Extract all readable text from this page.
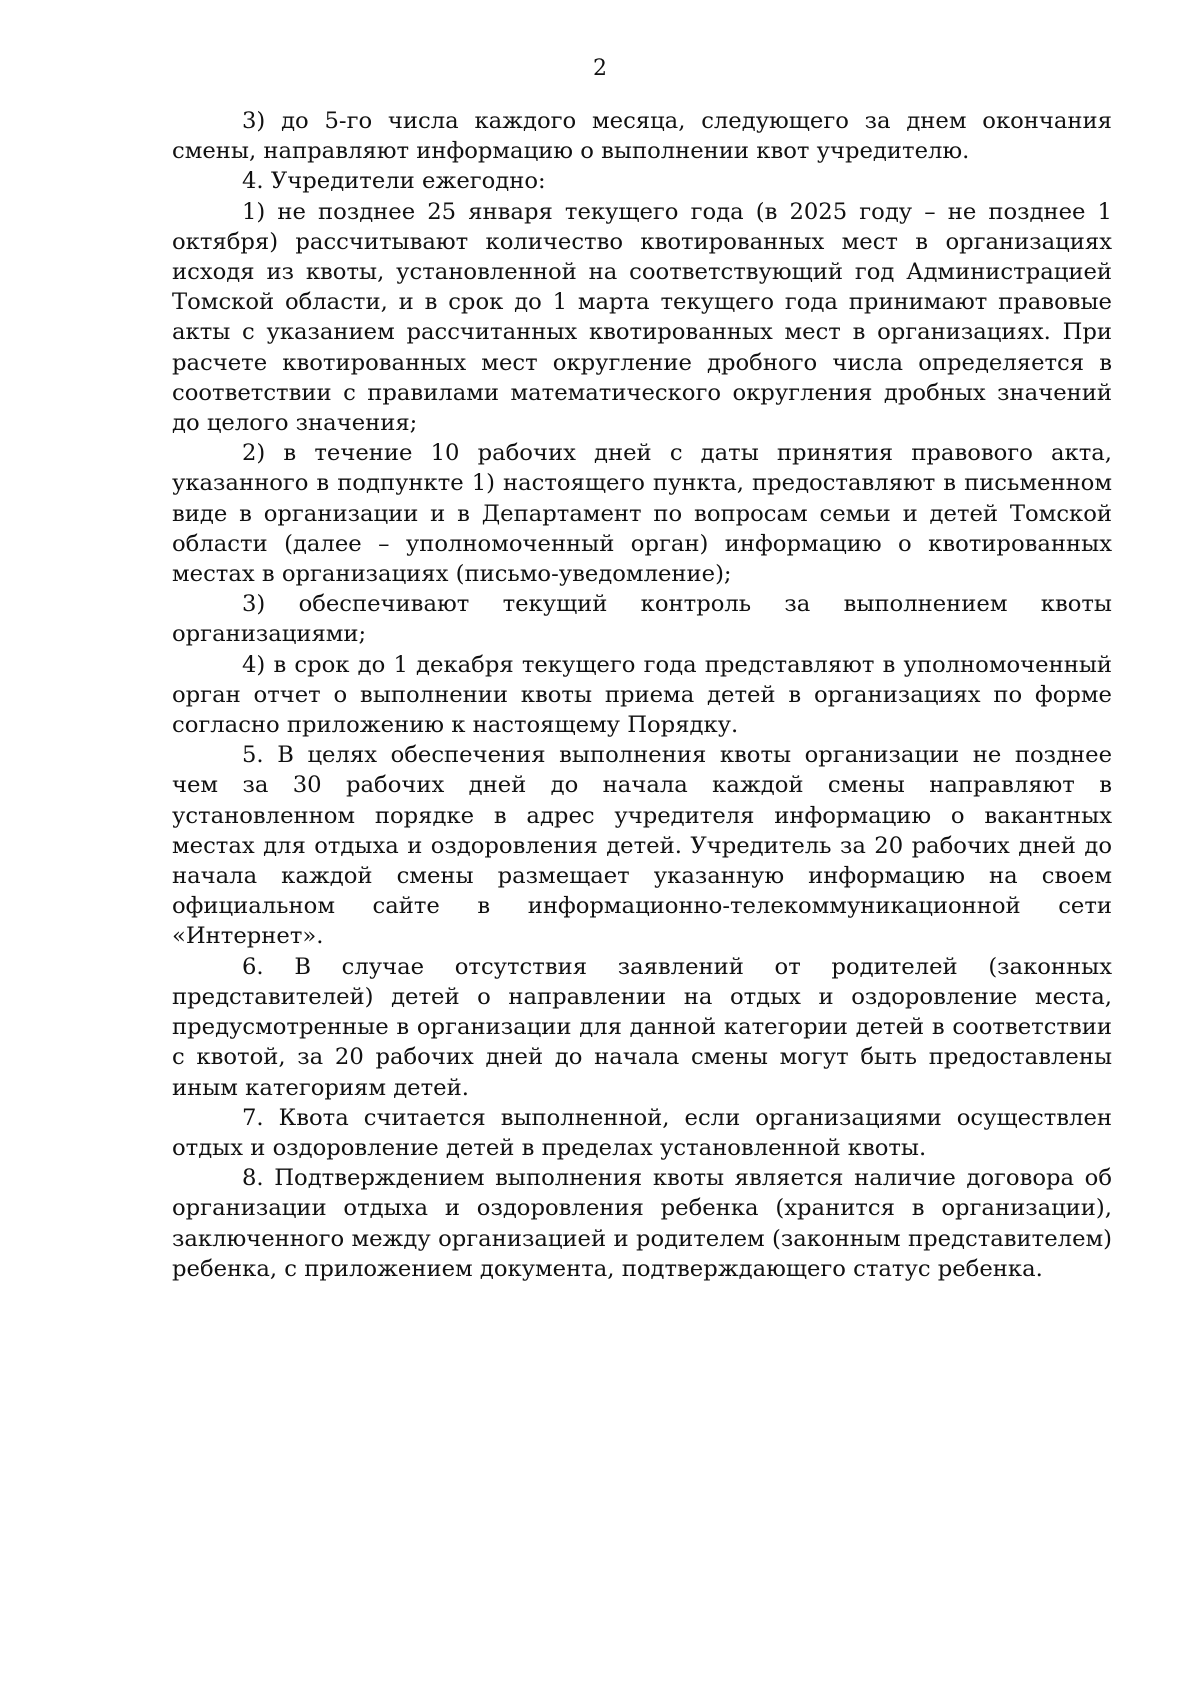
2

3) до 5-го числа каждого месяца, следующего за днем окончания смены, направляют информацию о выполнении квот учредителю.

4. Учредители ежегодно:

1) не позднее 25 января текущего года (в 2025 году – не позднее 1 октября) рассчитывают количество квотированных мест в организациях исходя из квоты, установленной на соответствующий год Администрацией Томской области, и в срок до 1 марта текущего года принимают правовые акты с указанием рассчитанных квотированных мест в организациях. При расчете квотированных мест округление дробного числа определяется в соответствии с правилами математического округления дробных значений до целого значения;

2) в течение 10 рабочих дней с даты принятия правового акта, указанного в подпункте 1) настоящего пункта, предоставляют в письменном виде в организации и в Департамент по вопросам семьи и детей Томской области (далее – уполномоченный орган) информацию о квотированных местах в организациях (письмо-уведомление);

3) обеспечивают текущий контроль за выполнением квоты организациями;

4) в срок до 1 декабря текущего года представляют в уполномоченный орган отчет о выполнении квоты приема детей в организациях по форме согласно приложению к настоящему Порядку.

5. В целях обеспечения выполнения квоты организации не позднее чем за 30 рабочих дней до начала каждой смены направляют в установленном порядке в адрес учредителя информацию о вакантных местах для отдыха и оздоровления детей. Учредитель за 20 рабочих дней до начала каждой смены размещает указанную информацию на своем официальном сайте в информационно-телекоммуникационной сети «Интернет».

6. В случае отсутствия заявлений от родителей (законных представителей) детей о направлении на отдых и оздоровление места, предусмотренные в организации для данной категории детей в соответствии с квотой, за 20 рабочих дней до начала смены могут быть предоставлены иным категориям детей.

7. Квота считается выполненной, если организациями осуществлен отдых и оздоровление детей в пределах установленной квоты.

8. Подтверждением выполнения квоты является наличие договора об организации отдыха и оздоровления ребенка (хранится в организации), заключенного между организацией и родителем (законным представителем) ребенка, с приложением документа, подтверждающего статус ребенка.
